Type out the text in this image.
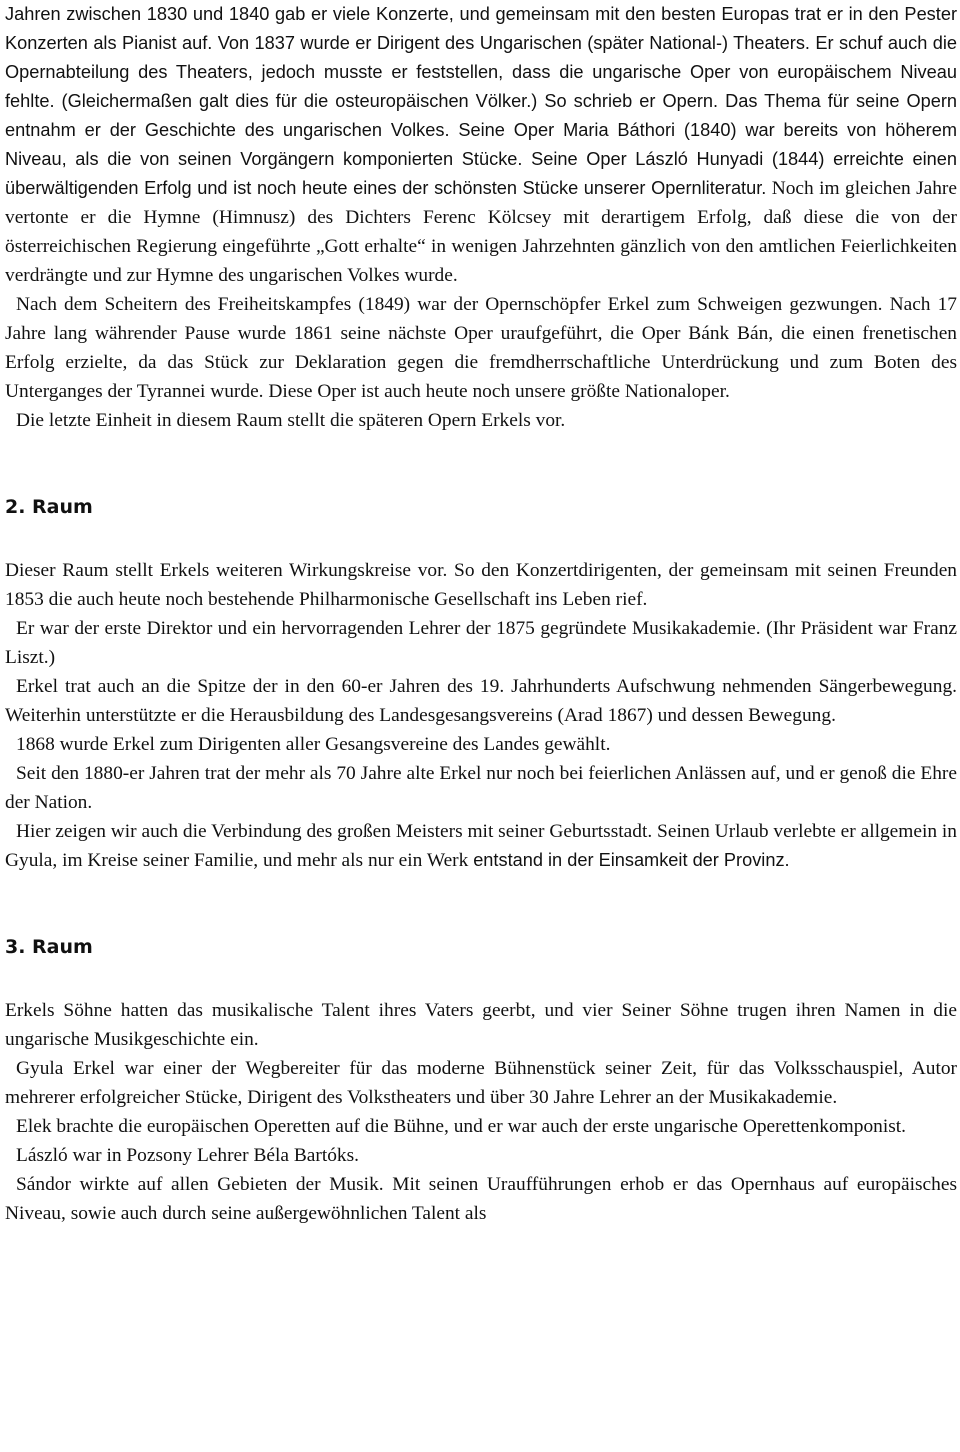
Jahren zwischen 1830 und 1840 gab er viele Konzerte, und gemeinsam mit den besten Europas trat er in den Pester Konzerten als Pianist auf. Von 1837 wurde er Dirigent des Ungarischen (später National-) Theaters. Er schuf auch die Opernabteilung des Theaters, jedoch musste er feststellen, dass die ungarische Oper von europäischem Niveau fehlte. (Gleichermaßen galt dies für die osteuropäischen Völker.) So schrieb er Opern. Das Thema für seine Opern entnahm er der Geschichte des ungarischen Volkes. Seine Oper Maria Báthori (1840) war bereits von höherem Niveau, als die von seinen Vorgängern komponierten Stücke. Seine Oper László Hunyadi (1844) erreichte einen überwältigenden Erfolg und ist noch heute eines der schönsten Stücke unserer Opernliteratur. Noch im gleichen Jahre vertonte er die Hymne (Himnusz) des Dichters Ferenc Kölcsey mit derartigem Erfolg, daß diese die von der österreichischen Regierung eingeführte „Gott erhalte“ in wenigen Jahrzehnten gänzlich von den amtlichen Feierlichkeiten verdrängte und zur Hymne des ungarischen Volkes wurde.

Nach dem Scheitern des Freiheitskampfes (1849) war der Opernschöpfer Erkel zum Schweigen gezwungen. Nach 17 Jahre lang währender Pause wurde 1861 seine nächste Oper uraufgeführt, die Oper Bánk Bán, die einen frenetischen Erfolg erzielte, da das Stück zur Deklaration gegen die fremdherrschaftliche Unterdrückung und zum Boten des Unterganges der Tyrannei wurde. Diese Oper ist auch heute noch unsere größte Nationaloper.

Die letzte Einheit in diesem Raum stellt die späteren Opern Erkels vor.

2. Raum

Dieser Raum stellt Erkels weiteren Wirkungskreise vor. So den Konzertdirigenten, der gemeinsam mit seinen Freunden 1853 die auch heute noch bestehende Philharmonische Gesellschaft ins Leben rief.

Er war der erste Direktor und ein hervorragenden Lehrer der 1875 gegründete Musikakademie. (Ihr Präsident war Franz Liszt.)

Erkel trat auch an die Spitze der in den 60-er Jahren des 19. Jahrhunderts Aufschwung nehmenden Sängerbewegung. Weiterhin unterstützte er die Herausbildung des Landesgesangsvereins (Arad 1867) und dessen Bewegung.

1868 wurde Erkel zum Dirigenten aller Gesangsvereine des Landes gewählt.

Seit den 1880-er Jahren trat der mehr als 70 Jahre alte Erkel nur noch bei feierlichen Anlässen auf, und er genoß die Ehre der Nation.

Hier zeigen wir auch die Verbindung des großen Meisters mit seiner Geburtsstadt. Seinen Urlaub verlebte er allgemein in Gyula, im Kreise seiner Familie, und mehr als nur ein Werk entstand in der Einsamkeit der Provinz.

3. Raum

Erkels Söhne hatten das musikalische Talent ihres Vaters geerbt, und vier Seiner Söhne trugen ihren Namen in die ungarische Musikgeschichte ein.

Gyula Erkel war einer der Wegbereiter für das moderne Bühnenstück seiner Zeit, für das Volksschauspiel, Autor mehrerer erfolgreicher Stücke, Dirigent des Volkstheaters und über 30 Jahre Lehrer an der Musikakademie.

Elek brachte die europäischen Operetten auf die Bühne, und er war auch der erste ungarische Operettenkomponist.

László war in Pozsony Lehrer Béla Bartóks.

Sándor wirkte auf allen Gebieten der Musik. Mit seinen Uraufführungen erhob er das Opernhaus auf europäisches Niveau, sowie auch durch seine außergewöhnlichen Talent als
